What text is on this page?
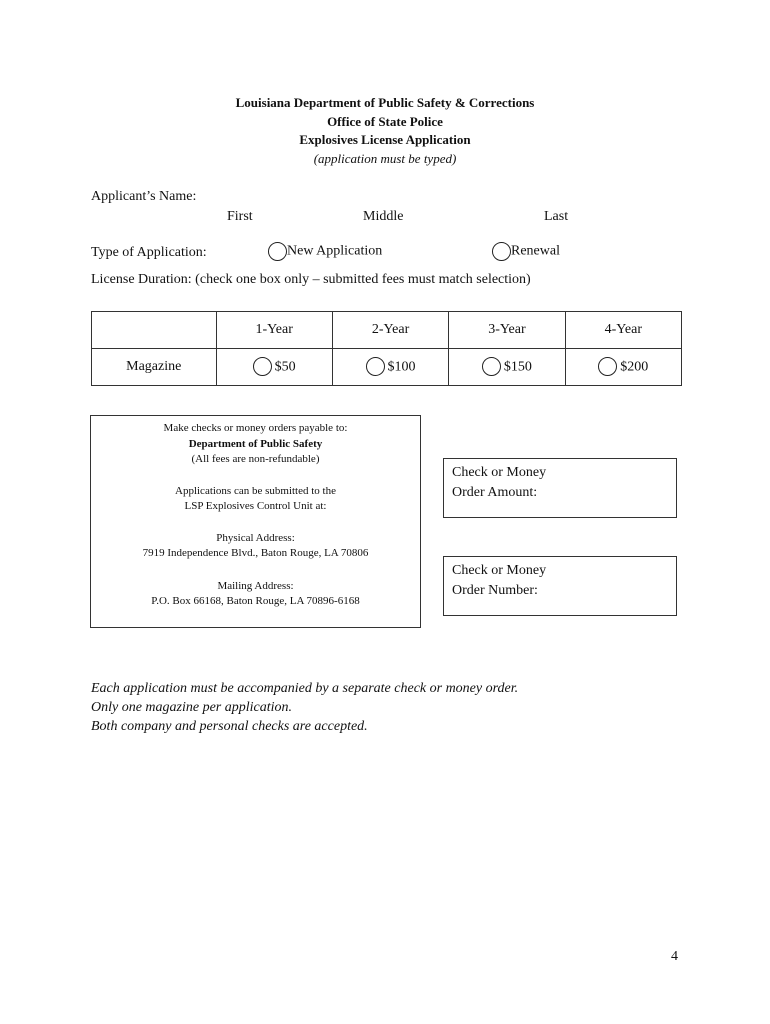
Louisiana Department of Public Safety & Corrections
Office of State Police
Explosives License Application
(application must be typed)
Applicant’s Name:
First	Middle	Last
Type of Application:	New Application	Renewal
License Duration: (check one box only – submitted fees must match selection)
	1-Year	2-Year	3-Year	4-Year
Magazine	$50	$100	$150	$200

Make checks or money orders payable to:

Department of Public Safety

(All fees are non-refundable)

Applications can be submitted to the

LSP Explosives Control Unit at:

Physical Address:

7919 Independence Blvd., Baton Rouge, LA 70806

Mailing Address:

P.O. Box 66168, Baton Rouge, LA 70896-6168

Check or Money
Order Amount:
Check or Money
Order Number:
Each application must be accompanied by a separate check or money order.
Only one magazine per application.
Both company and personal checks are accepted.
4
